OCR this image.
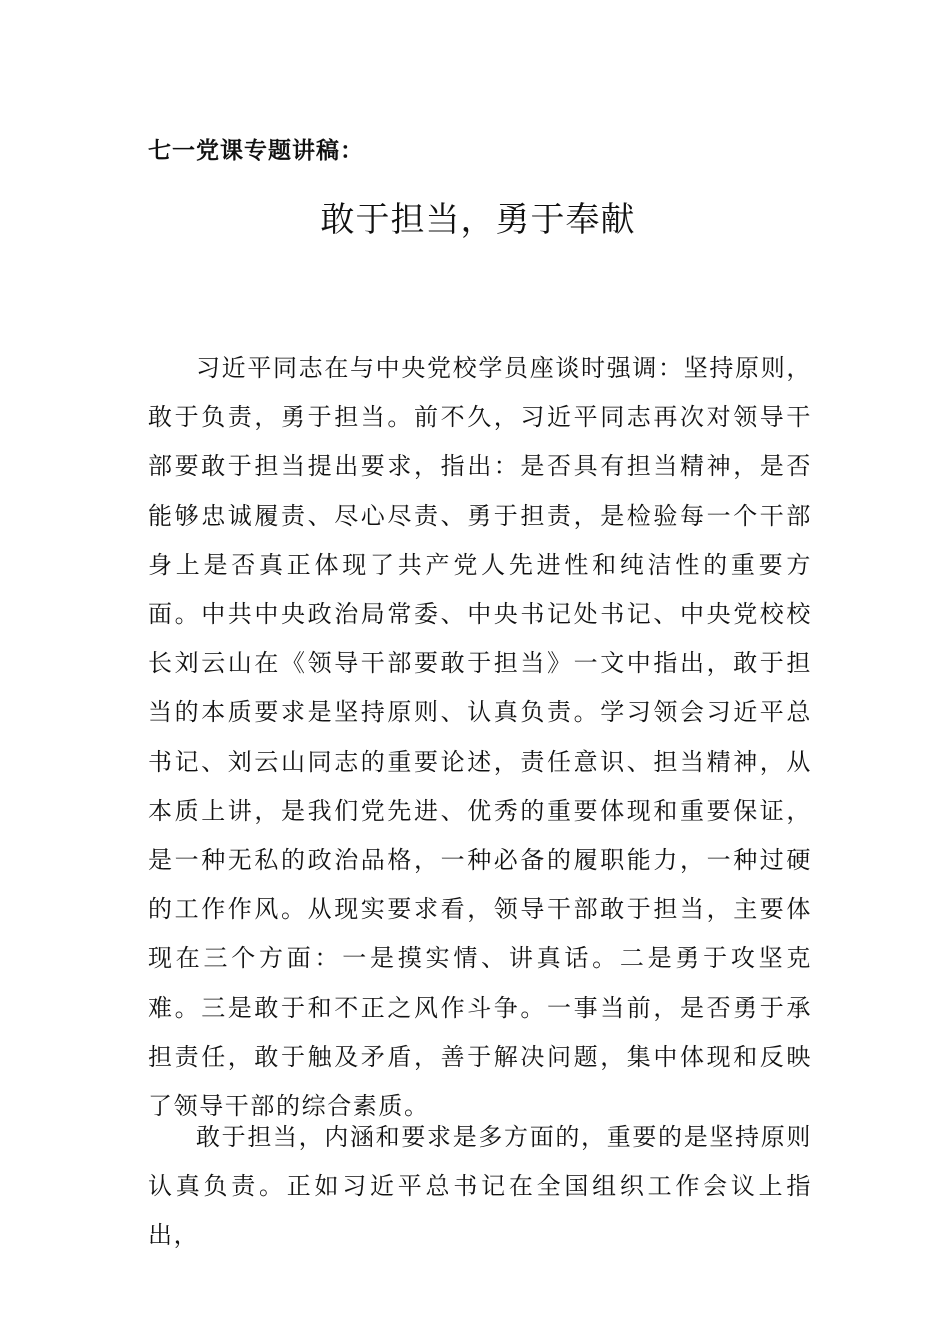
七一党课专题讲稿：

敢于担当，勇于奉献

习近平同志在与中央党校学员座谈时强调：坚持原则，敢于负责，勇于担当。前不久，习近平同志再次对领导干部要敢于担当提出要求，指出：是否具有担当精神，是否能够忠诚履责、尽心尽责、勇于担责，是检验每一个干部身上是否真正体现了共产党人先进性和纯洁性的重要方面。中共中央政治局常委、中央书记处书记、中央党校校长刘云山在《领导干部要敢于担当》一文中指出，敢于担当的本质要求是坚持原则、认真负责。学习领会习近平总书记、刘云山同志的重要论述，责任意识、担当精神，从本质上讲，是我们党先进、优秀的重要体现和重要保证，是一种无私的政治品格，一种必备的履职能力，一种过硬的工作作风。从现实要求看，领导干部敢于担当，主要体现在三个方面：一是摸实情、讲真话。二是勇于攻坚克难。三是敢于和不正之风作斗争。一事当前，是否勇于承担责任，敢于触及矛盾，善于解决问题，集中体现和反映了领导干部的综合素质。

敢于担当，内涵和要求是多方面的，重要的是坚持原则认真负责。正如习近平总书记在全国组织工作会议上指出，
